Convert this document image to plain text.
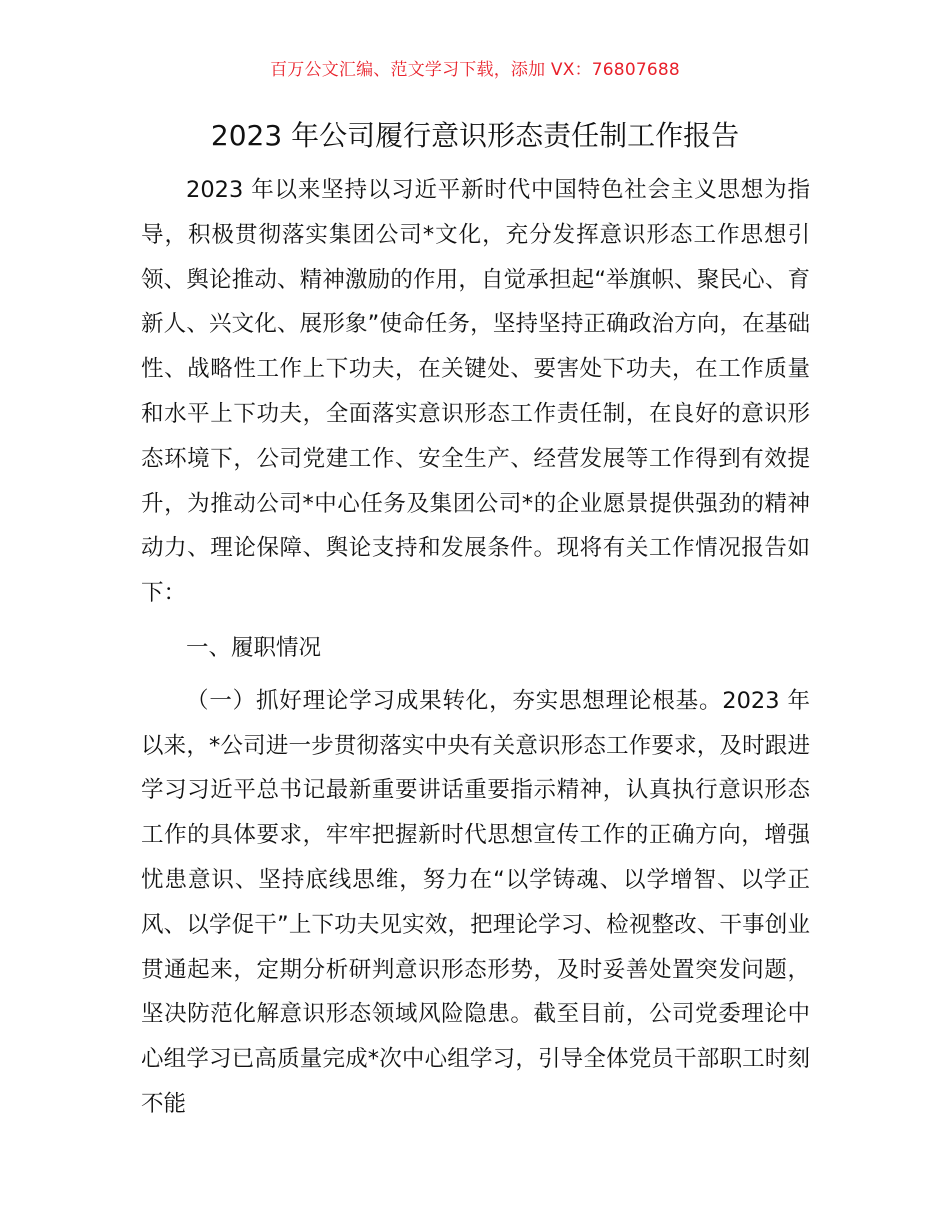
百万公文汇编、范文学习下载，添加 VX：76807688
2023 年公司履行意识形态责任制工作报告

2023 年以来坚持以习近平新时代中国特色社会主义思想为指导，积极贯彻落实集团公司*文化，充分发挥意识形态工作思想引领、舆论推动、精神激励的作用，自觉承担起“举旗帜、聚民心、育新人、兴文化、展形象”使命任务，坚持坚持正确政治方向，在基础性、战略性工作上下功夫，在关键处、要害处下功夫，在工作质量和水平上下功夫，全面落实意识形态工作责任制，在良好的意识形态环境下，公司党建工作、安全生产、经营发展等工作得到有效提升，为推动公司*中心任务及集团公司*的企业愿景提供强劲的精神动力、理论保障、舆论支持和发展条件。现将有关工作情况报告如下：

一、履职情况

（一）抓好理论学习成果转化，夯实思想理论根基。2023 年以来，*公司进一步贯彻落实中央有关意识形态工作要求，及时跟进学习习近平总书记最新重要讲话重要指示精神，认真执行意识形态工作的具体要求，牢牢把握新时代思想宣传工作的正确方向，增强忧患意识、坚持底线思维，努力在“以学铸魂、以学增智、以学正风、以学促干”上下功夫见实效，把理论学习、检视整改、干事创业贯通起来，定期分析研判意识形态形势，及时妥善处置突发问题，坚决防范化解意识形态领域风险隐患。截至目前，公司党委理论中心组学习已高质量完成*次中心组学习，引导全体党员干部职工时刻不能
